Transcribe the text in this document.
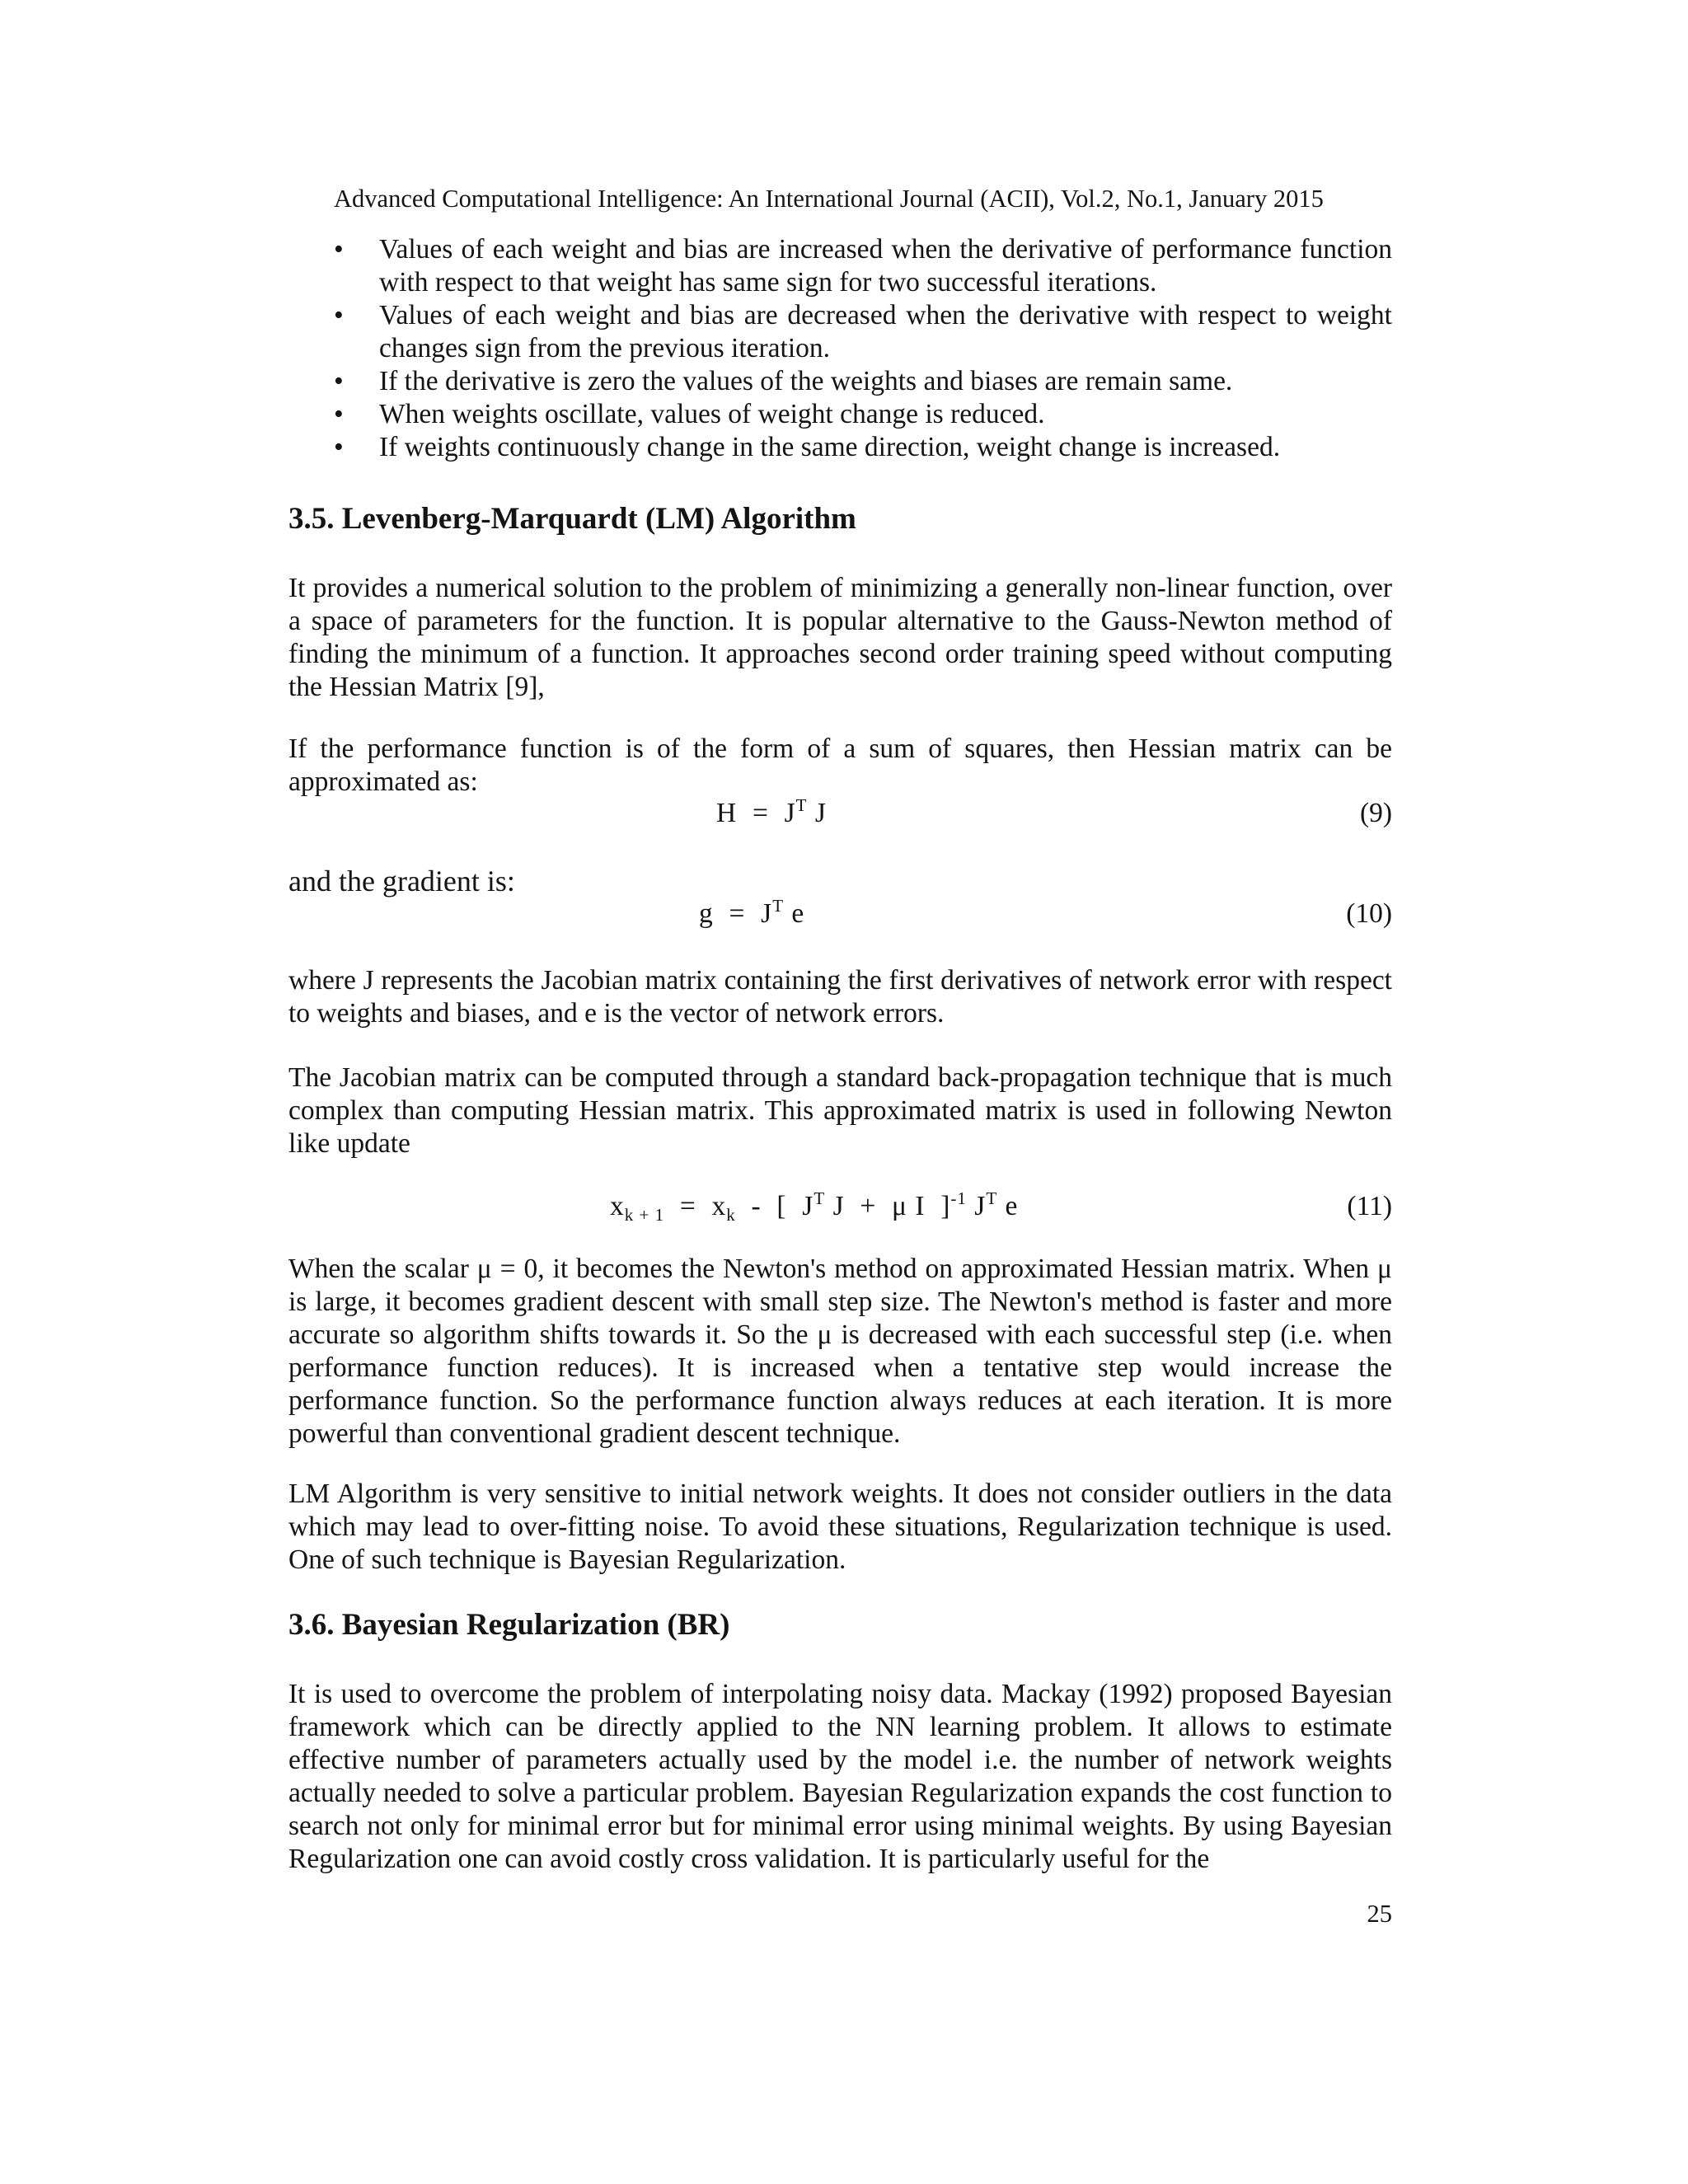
Advanced Computational Intelligence: An International Journal (ACII), Vol.2, No.1, January 2015
• Values of each weight and bias are increased when the derivative of performance function with respect to that weight has same sign for two successful iterations.
• Values of each weight and bias are decreased when the derivative with respect to weight changes sign from the previous iteration.
• If the derivative is zero the values of the weights and biases are remain same.
• When weights oscillate, values of weight change is reduced.
• If weights continuously change in the same direction, weight change is increased.
3.5. Levenberg-Marquardt (LM) Algorithm

It provides a numerical solution to the problem of minimizing a generally non-linear function, over a space of parameters for the function. It is popular alternative to the Gauss-Newton method of finding the minimum of a function. It approaches second order training speed without computing the Hessian Matrix [9],

If the performance function is of the form of a sum of squares, then Hessian matrix can be approximated as:

$H = J^T$ J	(9)
and the gradient is:
$g = J^T$ e	(10)

where J represents the Jacobian matrix containing the first derivatives of network error with respect to weights and biases, and e is the vector of network errors.

The Jacobian matrix can be computed through a standard back-propagation technique that is much complex than computing Hessian matrix. This approximated matrix is used in following Newton like update

$x_{k + 1} = x_k$  -  [  $J^T$ J  +  μ I  ]$^{-1}$ $J^T$ e	(11)

When the scalar μ = 0, it becomes the Newton's method on approximated Hessian matrix. When μ is large, it becomes gradient descent with small step size. The Newton's method is faster and more accurate so algorithm shifts towards it. So the μ is decreased with each successful step (i.e. when performance function reduces). It is increased when a tentative step would increase the performance function. So the performance function always reduces at each iteration. It is more powerful than conventional gradient descent technique.

LM Algorithm is very sensitive to initial network weights. It does not consider outliers in the data which may lead to over-fitting noise. To avoid these situations, Regularization technique is used. One of such technique is Bayesian Regularization.

3.6. Bayesian Regularization (BR)

It is used to overcome the problem of interpolating noisy data. Mackay (1992) proposed Bayesian framework which can be directly applied to the NN learning problem. It allows to estimate effective number of parameters actually used by the model i.e. the number of network weights actually needed to solve a particular problem. Bayesian Regularization expands the cost function to search not only for minimal error but for minimal error using minimal weights. By using Bayesian Regularization one can avoid costly cross validation. It is particularly useful for the

25
